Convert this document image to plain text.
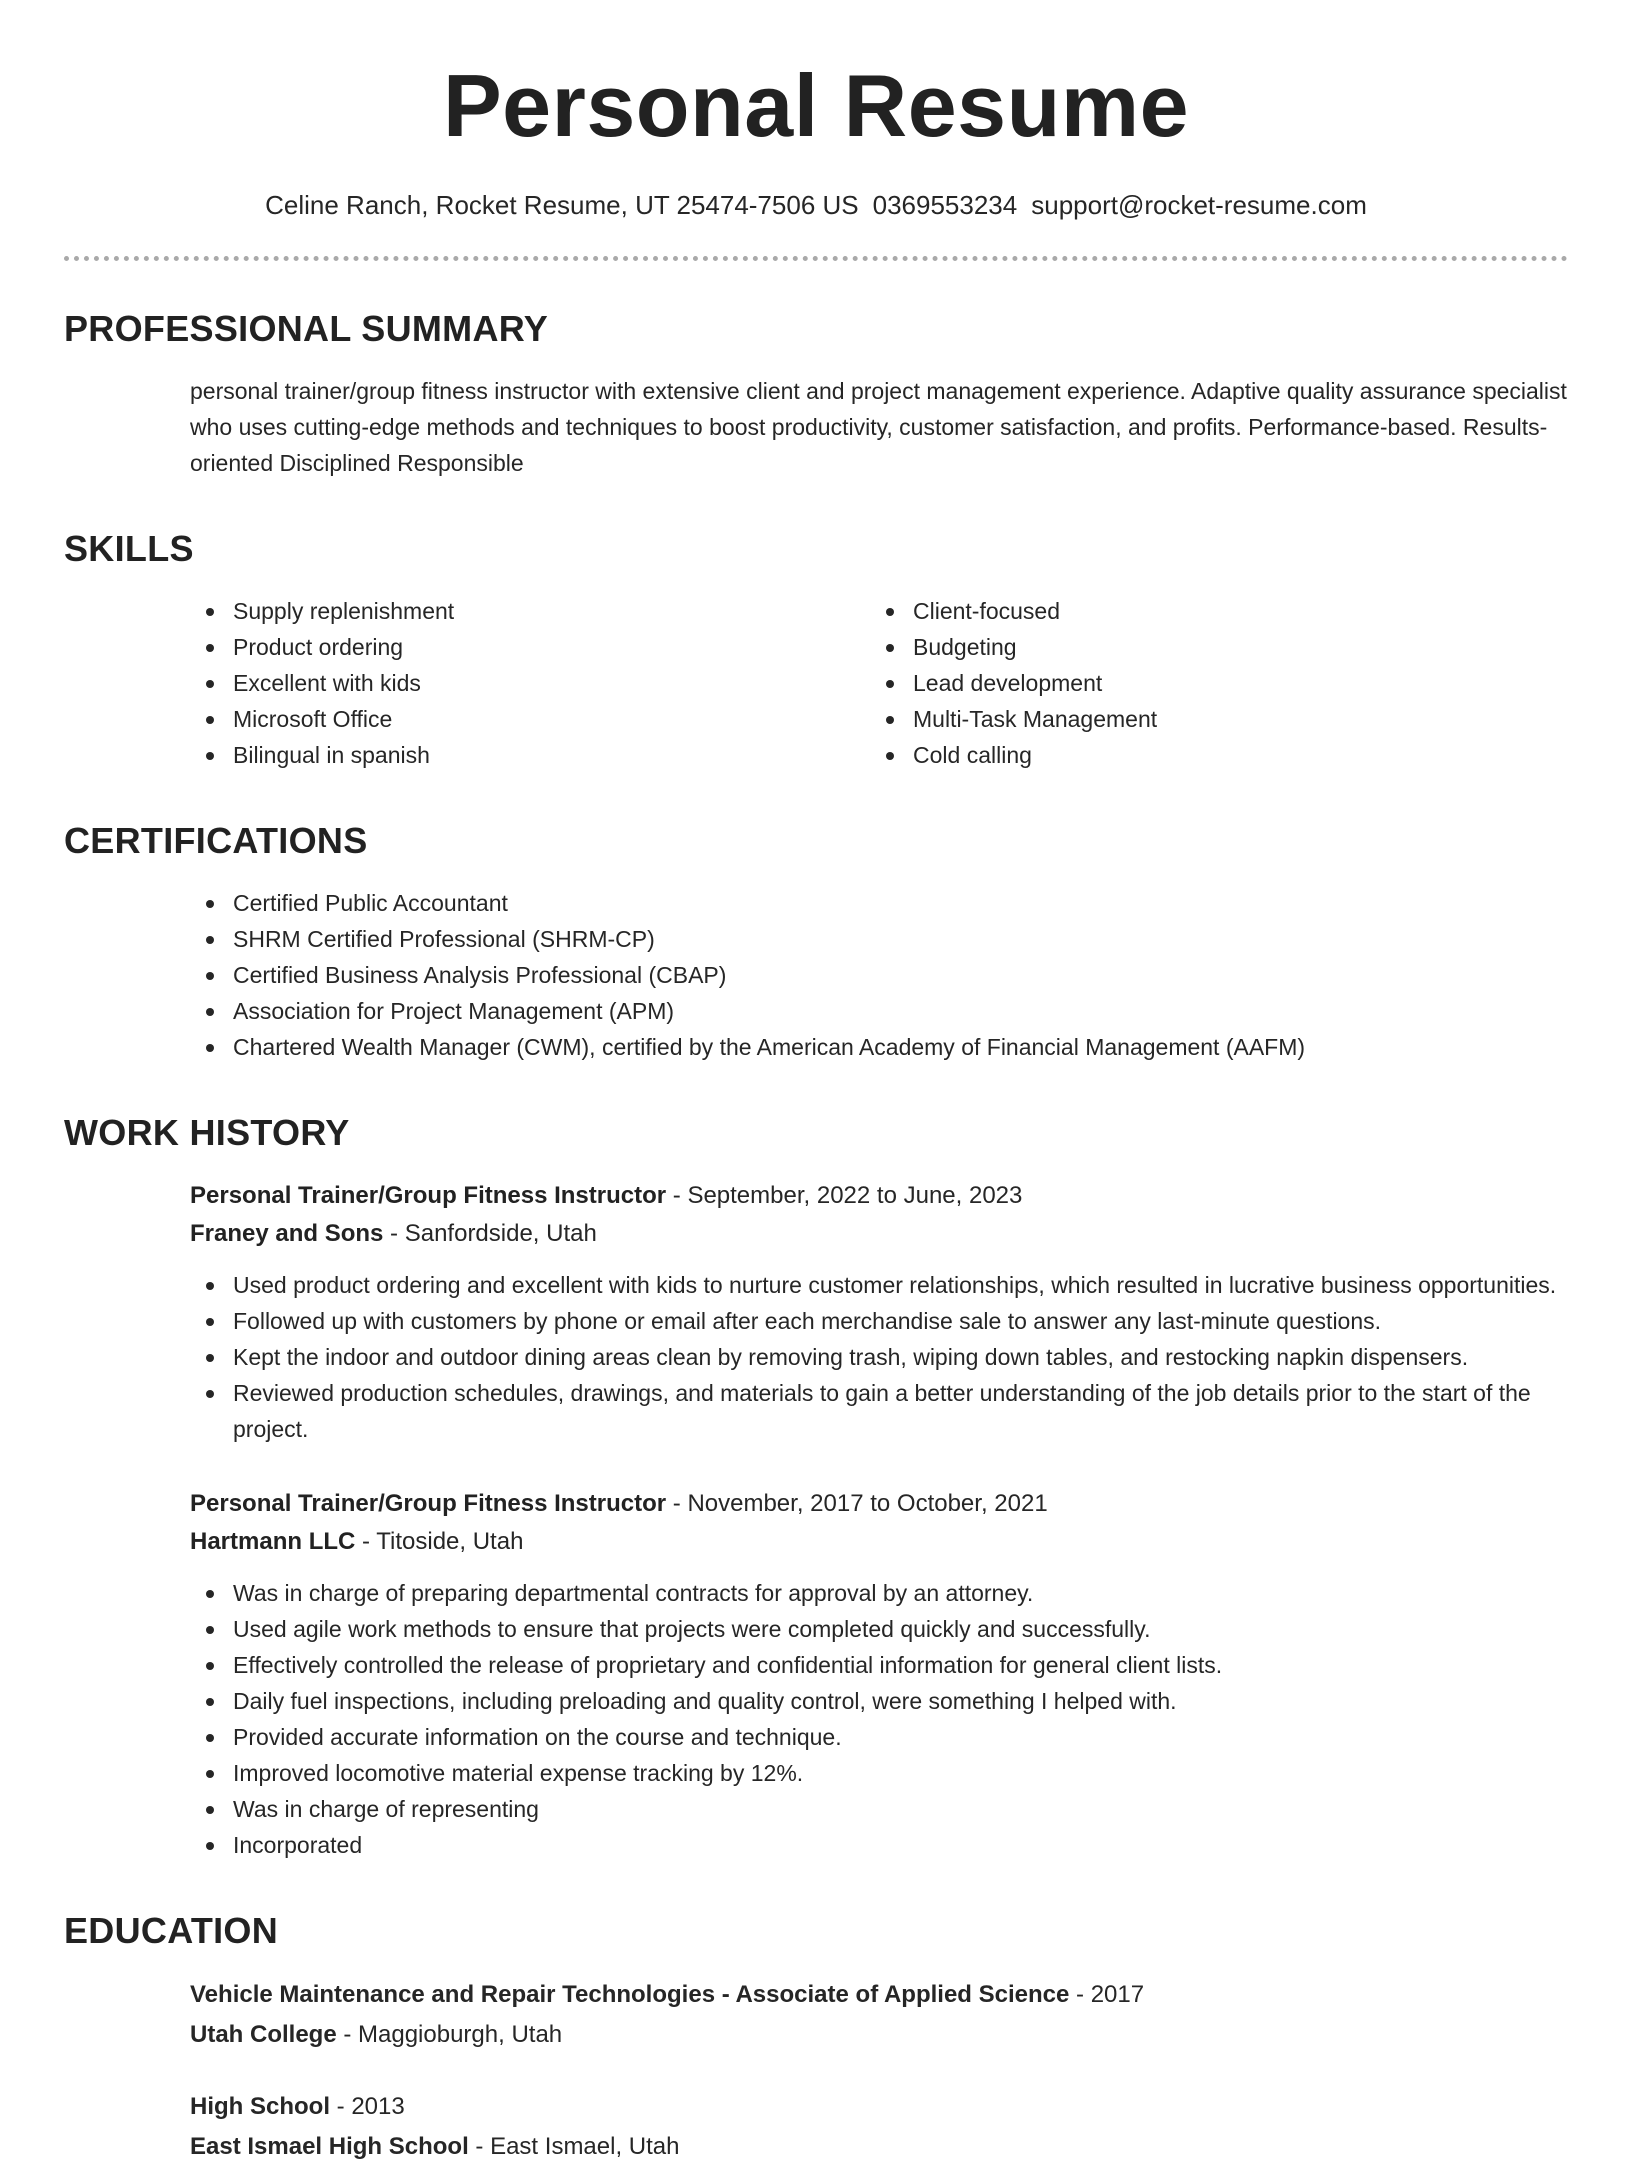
Personal Resume
Celine Ranch, Rocket Resume, UT 25474-7506 US 0369553234 support@rocket-resume.com
PROFESSIONAL SUMMARY
personal trainer/group fitness instructor with extensive client and project management experience. Adaptive quality assurance specialist who uses cutting-edge methods and techniques to boost productivity, customer satisfaction, and profits. Performance-based. Results-oriented Disciplined Responsible
SKILLS
Supply replenishment
Product ordering
Excellent with kids
Microsoft Office
Bilingual in spanish
Client-focused
Budgeting
Lead development
Multi-Task Management
Cold calling
CERTIFICATIONS
Certified Public Accountant
SHRM Certified Professional (SHRM-CP)
Certified Business Analysis Professional (CBAP)
Association for Project Management (APM)
Chartered Wealth Manager (CWM), certified by the American Academy of Financial Management (AAFM)
WORK HISTORY
Personal Trainer/Group Fitness Instructor - September, 2022 to June, 2023
Franey and Sons - Sanfordside, Utah
Used product ordering and excellent with kids to nurture customer relationships, which resulted in lucrative business opportunities.
Followed up with customers by phone or email after each merchandise sale to answer any last-minute questions.
Kept the indoor and outdoor dining areas clean by removing trash, wiping down tables, and restocking napkin dispensers.
Reviewed production schedules, drawings, and materials to gain a better understanding of the job details prior to the start of the project.
Personal Trainer/Group Fitness Instructor - November, 2017 to October, 2021
Hartmann LLC - Titoside, Utah
Was in charge of preparing departmental contracts for approval by an attorney.
Used agile work methods to ensure that projects were completed quickly and successfully.
Effectively controlled the release of proprietary and confidential information for general client lists.
Daily fuel inspections, including preloading and quality control, were something I helped with.
Provided accurate information on the course and technique.
Improved locomotive material expense tracking by 12%.
Was in charge of representing
Incorporated
EDUCATION
Vehicle Maintenance and Repair Technologies - Associate of Applied Science - 2017
Utah College - Maggioburgh, Utah
High School - 2013
East Ismael High School - East Ismael, Utah
